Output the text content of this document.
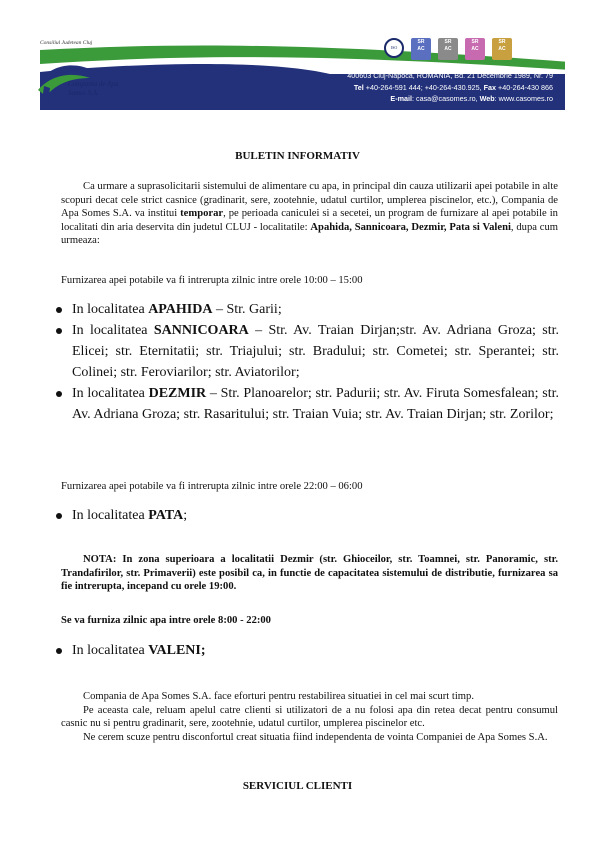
Consiliul Judetean Cluj
Compania de Apa
Somes S.A.
ISO
SR
AC
SR
AC
SR
AC
SR
AC
400603 Cluj-Napoca, ROMÂNIA, Bd. 21 Decembrie 1989, Nr. 79
Tel +40-264-591 444; +40-264-430.925, Fax +40-264-430 866
E-mail: casa@casomes.ro, Web: www.casomes.ro
BULETIN INFORMATIV

Ca urmare a suprasolicitarii sistemului de alimentare cu apa, in principal din cauza utilizarii apei potabile in alte scopuri decat cele strict casnice (gradinarit, sere, zootehnie, udatul curtilor, umplerea piscinelor, etc.), Compania de Apa Somes S.A. va institui temporar, pe perioada caniculei si a secetei, un program de furnizare al apei potabile in localitati din aria deservita din judetul CLUJ - localitatile: Apahida, Sannicoara, Dezmir, Pata si Valeni, dupa cum urmeaza:

Furnizarea apei potabile va fi intrerupta zilnic intre orele 10:00 – 15:00

In localitatea APAHIDA – Str. Garii;

In localitatea SANNICOARA – Str. Av. Traian Dirjan;str. Av. Adriana Groza; str. Elicei; str. Eternitatii; str. Triajului; str. Bradului; str. Cometei; str. Sperantei; str. Colinei; str. Feroviarilor; str. Aviatorilor;

In localitatea DEZMIR – Str. Planoarelor; str. Padurii; str. Av. Firuta Somesfalean; str. Av. Adriana Groza; str. Rasaritului; str. Traian Vuia; str. Av. Traian Dirjan; str. Zorilor;

Furnizarea apei potabile va fi intrerupta zilnic intre orele 22:00 – 06:00

In localitatea PATA;

NOTA: In zona superioara a localitatii Dezmir (str. Ghioceilor, str. Toamnei, str. Panoramic, str. Trandafirilor, str. Primaverii) este posibil ca, in functie de capacitatea sistemului de distributie, furnizarea sa fie intrerupta, incepand cu orele 19:00.

Se va furniza zilnic apa intre orele 8:00 - 22:00

In localitatea VALENI;

Compania de Apa Somes S.A. face eforturi pentru restabilirea situatiei in cel mai scurt timp.

Pe aceasta cale, reluam apelul catre clienti si utilizatori de a nu folosi apa din retea decat pentru consumul casnic nu si pentru gradinarit, sere, zootehnie, udatul curtilor, umplerea piscinelor etc.

Ne cerem scuze pentru disconfortul creat situatia fiind independenta de vointa Companiei de Apa Somes S.A.

SERVICIUL CLIENTI
